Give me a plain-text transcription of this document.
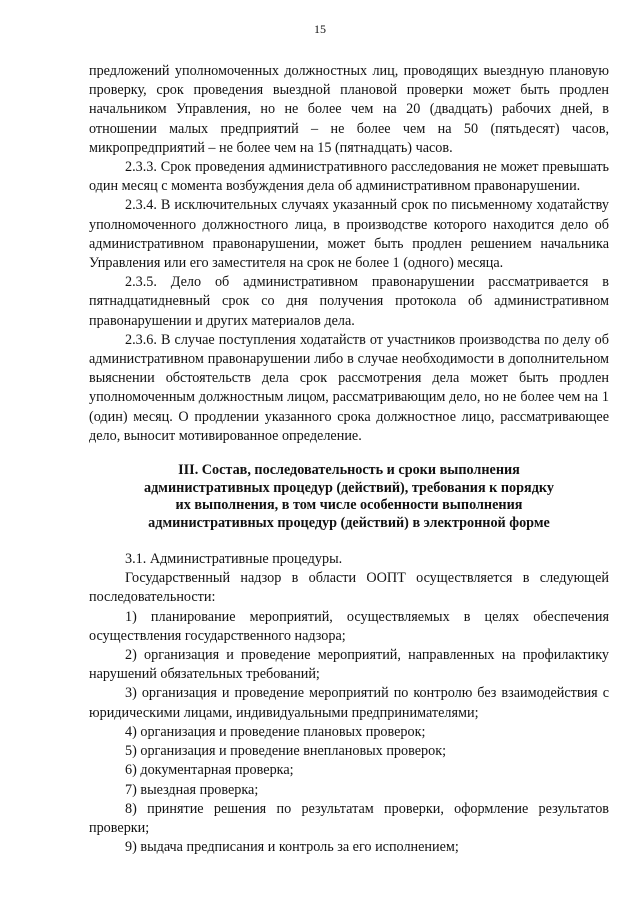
15

предложений уполномоченных должностных лиц, проводящих выездную плановую проверку, срок проведения выездной плановой проверки может быть продлен начальником Управления, но не более чем на 20 (двадцать) рабочих дней, в отношении малых предприятий – не более чем на 50 (пятьдесят) часов, микропредприятий – не более чем на 15 (пятнадцать) часов.

2.3.3. Срок проведения административного расследования не может превышать один месяц с момента возбуждения дела об административном правонарушении.

2.3.4. В исключительных случаях указанный срок по письменному ходатайству уполномоченного должностного лица, в производстве которого находится дело об административном правонарушении, может быть продлен решением начальника Управления или его заместителя на срок не более 1 (одного) месяца.

2.3.5. Дело об административном правонарушении рассматривается в пятнадцатидневный срок со дня получения протокола об административном правонарушении и других материалов дела.

2.3.6. В случае поступления ходатайств от участников производства по делу об административном правонарушении либо в случае необходимости в дополнительном выяснении обстоятельств дела срок рассмотрения дела может быть продлен уполномоченным должностным лицом, рассматривающим дело, но не более чем на 1 (один) месяц. О продлении указанного срока должностное лицо, рассматривающее дело, выносит мотивированное определение.

III. Состав, последовательность и сроки выполнения
административных процедур (действий), требования к порядку
их выполнения, в том числе особенности выполнения
административных процедур (действий) в электронной форме

3.1. Административные процедуры.

Государственный надзор в области ООПТ осуществляется в следующей последовательности:

1) планирование мероприятий, осуществляемых в целях обеспечения осуществления государственного надзора;

2) организация и проведение мероприятий, направленных на профилактику нарушений обязательных требований;

3) организация и проведение мероприятий по контролю без взаимодействия с юридическими лицами, индивидуальными предпринимателями;

4) организация и проведение плановых проверок;

5) организация и проведение внеплановых проверок;

6) документарная проверка;

7) выездная проверка;

8) принятие решения по результатам проверки, оформление результатов проверки;

9) выдача предписания и контроль за его исполнением;
